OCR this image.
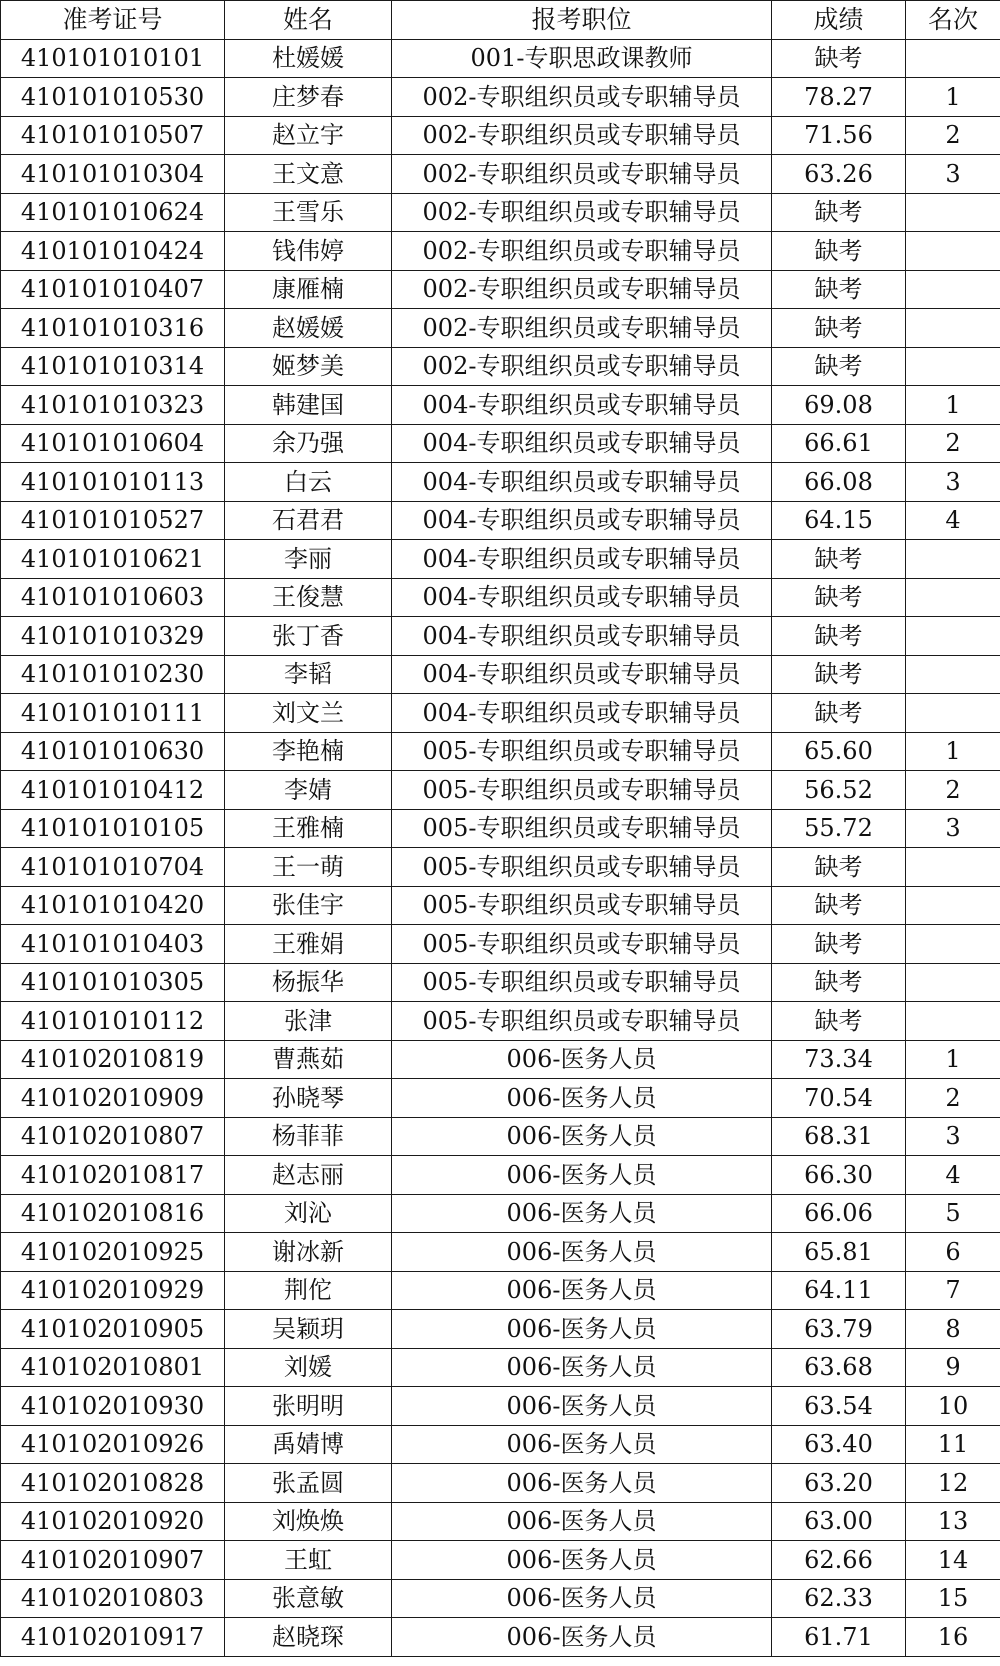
准考证号	姓名	报考职位	成绩	名次
410101010101	杜媛媛	001-专职思政课教师	缺考	
410101010530	庄梦春	002-专职组织员或专职辅导员	78.27	1
410101010507	赵立宇	002-专职组织员或专职辅导员	71.56	2
410101010304	王文意	002-专职组织员或专职辅导员	63.26	3
410101010624	王雪乐	002-专职组织员或专职辅导员	缺考	
410101010424	钱伟婷	002-专职组织员或专职辅导员	缺考	
410101010407	康雁楠	002-专职组织员或专职辅导员	缺考	
410101010316	赵媛媛	002-专职组织员或专职辅导员	缺考	
410101010314	姬梦美	002-专职组织员或专职辅导员	缺考	
410101010323	韩建国	004-专职组织员或专职辅导员	69.08	1
410101010604	余乃强	004-专职组织员或专职辅导员	66.61	2
410101010113	白云	004-专职组织员或专职辅导员	66.08	3
410101010527	石君君	004-专职组织员或专职辅导员	64.15	4
410101010621	李丽	004-专职组织员或专职辅导员	缺考	
410101010603	王俊慧	004-专职组织员或专职辅导员	缺考	
410101010329	张丁香	004-专职组织员或专职辅导员	缺考	
410101010230	李韬	004-专职组织员或专职辅导员	缺考	
410101010111	刘文兰	004-专职组织员或专职辅导员	缺考	
410101010630	李艳楠	005-专职组织员或专职辅导员	65.60	1
410101010412	李婧	005-专职组织员或专职辅导员	56.52	2
410101010105	王雅楠	005-专职组织员或专职辅导员	55.72	3
410101010704	王一萌	005-专职组织员或专职辅导员	缺考	
410101010420	张佳宇	005-专职组织员或专职辅导员	缺考	
410101010403	王雅娟	005-专职组织员或专职辅导员	缺考	
410101010305	杨振华	005-专职组织员或专职辅导员	缺考	
410101010112	张津	005-专职组织员或专职辅导员	缺考	
410102010819	曹燕茹	006-医务人员	73.34	1
410102010909	孙晓琴	006-医务人员	70.54	2
410102010807	杨菲菲	006-医务人员	68.31	3
410102010817	赵志丽	006-医务人员	66.30	4
410102010816	刘沁	006-医务人员	66.06	5
410102010925	谢冰新	006-医务人员	65.81	6
410102010929	荆佗	006-医务人员	64.11	7
410102010905	吴颖玥	006-医务人员	63.79	8
410102010801	刘媛	006-医务人员	63.68	9
410102010930	张明明	006-医务人员	63.54	10
410102010926	禹婧博	006-医务人员	63.40	11
410102010828	张孟圆	006-医务人员	63.20	12
410102010920	刘焕焕	006-医务人员	63.00	13
410102010907	王虹	006-医务人员	62.66	14
410102010803	张意敏	006-医务人员	62.33	15
410102010917	赵晓琛	006-医务人员	61.71	16
